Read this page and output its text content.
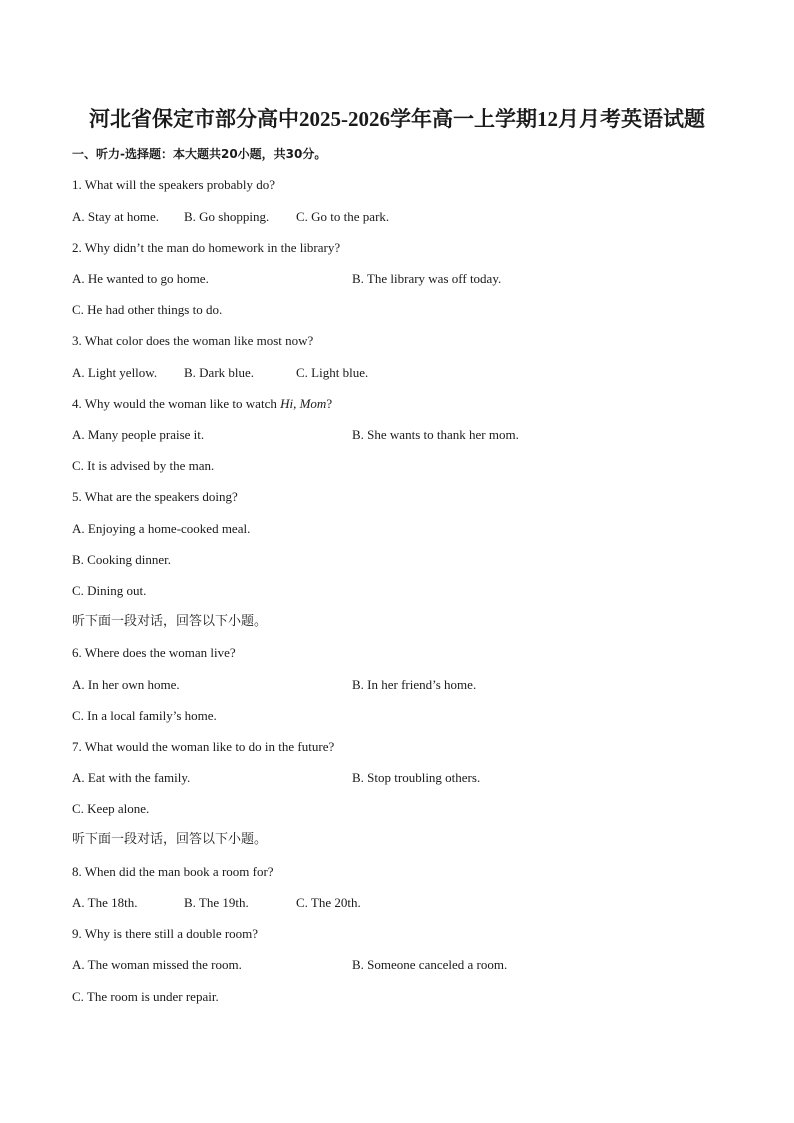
河北省保定市部分高中2025-2026学年高一上学期12月月考英语试题
一、听力-选择题：本大题共20小题，共30分。
1. What will the speakers probably do?
A. Stay at home. B. Go shopping. C. Go to the park.
2. Why didn’t the man do homework in the library?
A. He wanted to go home.	B. The library was off today.
C. He had other things to do.
3. What color does the woman like most now?
A. Light yellow. B. Dark blue.	C. Light blue.
4. Why would the woman like to watch Hi, Mom?
A. Many people praise it.	B. She wants to thank her mom.
C. It is advised by the man.
5. What are the speakers doing?
A. Enjoying a home-cooked meal.
B. Cooking dinner.
C. Dining out.
听下面一段对话，回答以下小题。
6. Where does the woman live?
A. In her own home.	B. In her friend’s home.
C. In a local family’s home.
7. What would the woman like to do in the future?
A. Eat with the family.	B. Stop troubling others.
C. Keep alone.
听下面一段对话，回答以下小题。
8. When did the man book a room for?
A. The 18th.	B. The 19th.	C. The 20th.
9. Why is there still a double room?
A. The woman missed the room.	B. Someone canceled a room.
C. The room is under repair.
